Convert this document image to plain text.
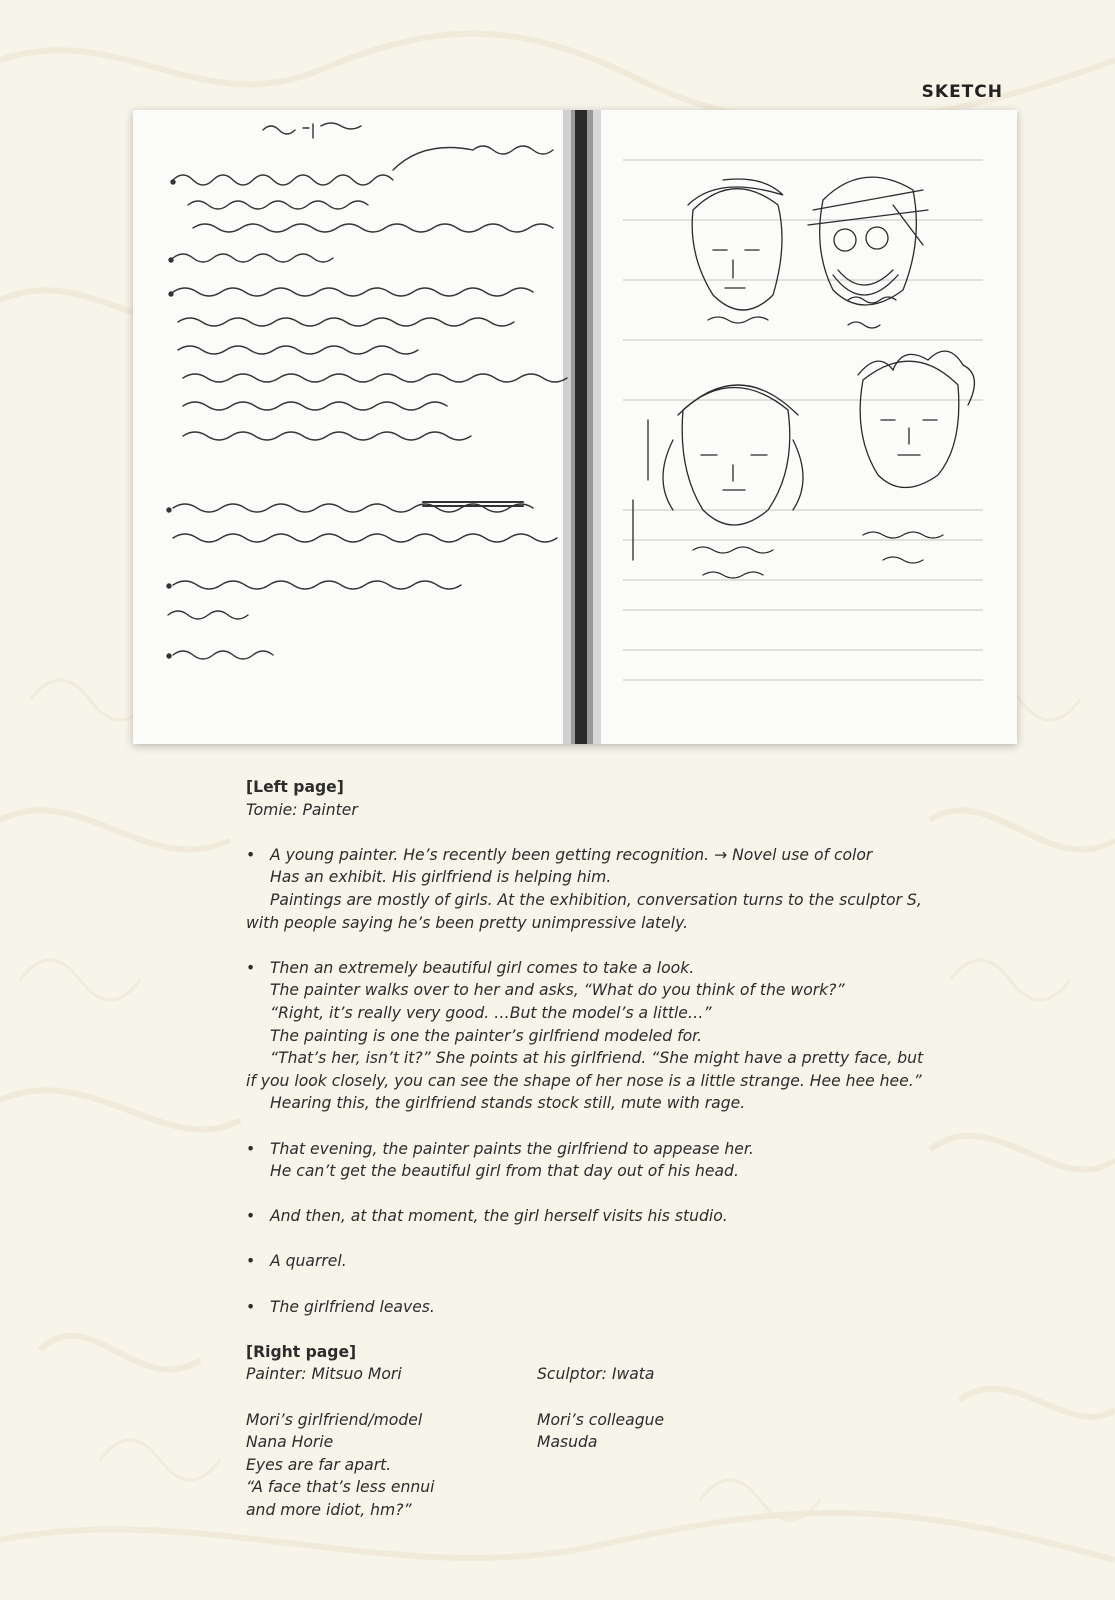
SKETCH
[Left page]
Tomie: Painter
• A young painter. He’s recently been getting recognition. → Novel use of color
Has an exhibit. His girlfriend is helping him.
Paintings are mostly of girls. At the exhibition, conversation turns to the sculptor S,
with people saying he’s been pretty unimpressive lately.
• Then an extremely beautiful girl comes to take a look.
The painter walks over to her and asks, “What do you think of the work?”
“Right, it’s really very good. …But the model’s a little…”
The painting is one the painter’s girlfriend modeled for.
“That’s her, isn’t it?” She points at his girlfriend. “She might have a pretty face, but
if you look closely, you can see the shape of her nose is a little strange. Hee hee hee.”
Hearing this, the girlfriend stands stock still, mute with rage.
• That evening, the painter paints the girlfriend to appease her.
He can’t get the beautiful girl from that day out of his head.
• And then, at that moment, the girl herself visits his studio.
• A quarrel.
• The girlfriend leaves.
[Right page]
Painter: Mitsuo Mori
Mori’s girlfriend/model
Nana Horie
Eyes are far apart.
“A face that’s less ennui
and more idiot, hm?”
Sculptor: Iwata
Mori’s colleague
Masuda
